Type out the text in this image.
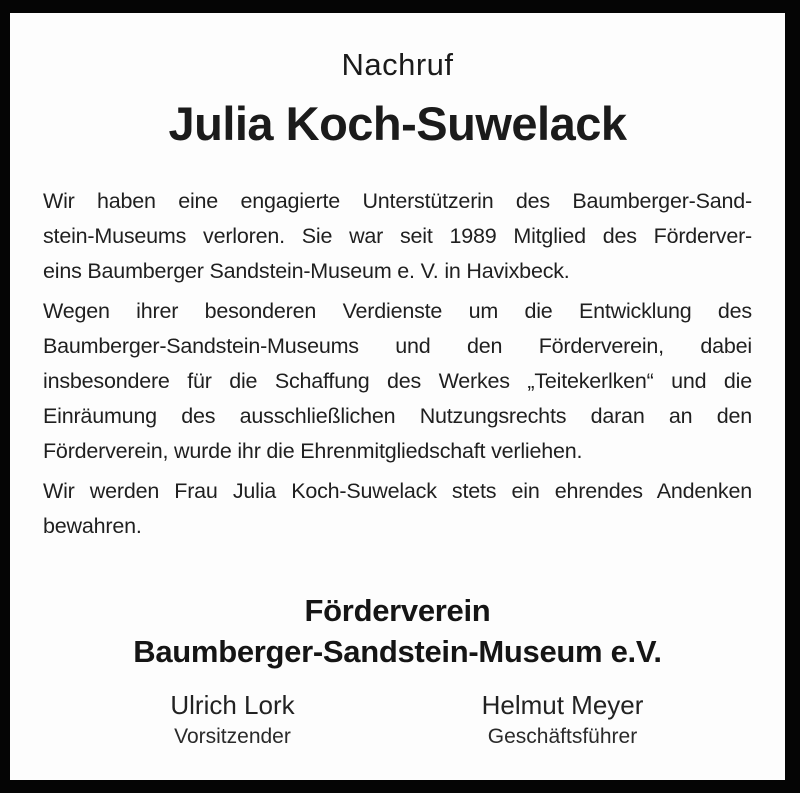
Nachruf
Julia Koch-Suwelack
Wir haben eine engagierte Unterstützerin des Baumberger-Sand-
stein-Museums verloren. Sie war seit 1989 Mitglied des Förderver-
eins Baumberger Sandstein-Museum e. V. in Havixbeck.
Wegen ihrer besonderen Verdienste um die Entwicklung des
Baumberger-Sandstein-Museums und den Förderverein, dabei
insbesondere für die Schaffung des Werkes „Teitekerlken“ und die
Einräumung des ausschließlichen Nutzungsrechts daran an den
Förderverein, wurde ihr die Ehrenmitgliedschaft verliehen.
Wir werden Frau Julia Koch-Suwelack stets ein ehrendes Andenken
bewahren.
Förderverein
Baumberger-Sandstein-Museum e.V.
Ulrich Lork
Vorsitzender
Helmut Meyer
Geschäftsführer
